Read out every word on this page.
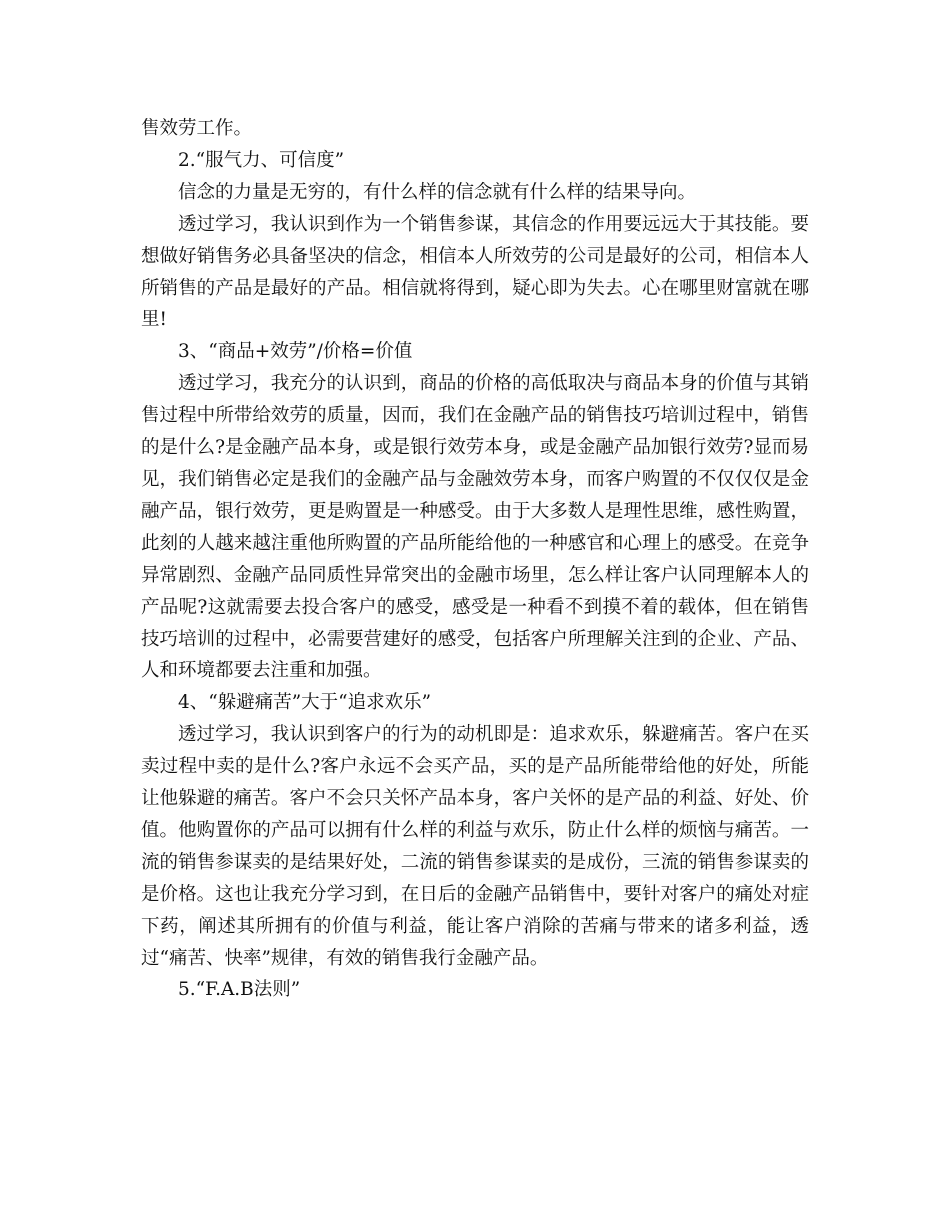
售效劳工作。

2.“服气力、可信度”

信念的力量是无穷的，有什么样的信念就有什么样的结果导向。

透过学习，我认识到作为一个销售参谋，其信念的作用要远远大于其技能。要想做好销售务必具备坚决的信念，相信本人所效劳的公司是最好的公司，相信本人所销售的产品是最好的产品。相信就将得到，疑心即为失去。心在哪里财富就在哪里!

3、“商品+效劳”/价格=价值

透过学习，我充分的认识到，商品的价格的高低取决与商品本身的价值与其销售过程中所带给效劳的质量，因而，我们在金融产品的销售技巧培训过程中，销售的是什么?是金融产品本身，或是银行效劳本身，或是金融产品加银行效劳?显而易见，我们销售必定是我们的金融产品与金融效劳本身，而客户购置的不仅仅仅是金融产品，银行效劳，更是购置是一种感受。由于大多数人是理性思维，感性购置，此刻的人越来越注重他所购置的产品所能给他的一种感官和心理上的感受。在竞争异常剧烈、金融产品同质性异常突出的金融市场里，怎么样让客户认同理解本人的产品呢?这就需要去投合客户的感受，感受是一种看不到摸不着的载体，但在销售技巧培训的过程中，必需要营建好的感受，包括客户所理解关注到的企业、产品、人和环境都要去注重和加强。

4、“躲避痛苦”大于“追求欢乐”

透过学习，我认识到客户的行为的动机即是：追求欢乐，躲避痛苦。客户在买卖过程中卖的是什么?客户永远不会买产品，买的是产品所能带给他的好处，所能让他躲避的痛苦。客户不会只关怀产品本身，客户关怀的是产品的利益、好处、价值。他购置你的产品可以拥有什么样的利益与欢乐，防止什么样的烦恼与痛苦。一流的销售参谋卖的是结果好处，二流的销售参谋卖的是成份，三流的销售参谋卖的是价格。这也让我充分学习到，在日后的金融产品销售中，要针对客户的痛处对症下药，阐述其所拥有的价值与利益，能让客户消除的苦痛与带来的诸多利益，透过“痛苦、快率”规律，有效的销售我行金融产品。

5.“F.A.B法则”
